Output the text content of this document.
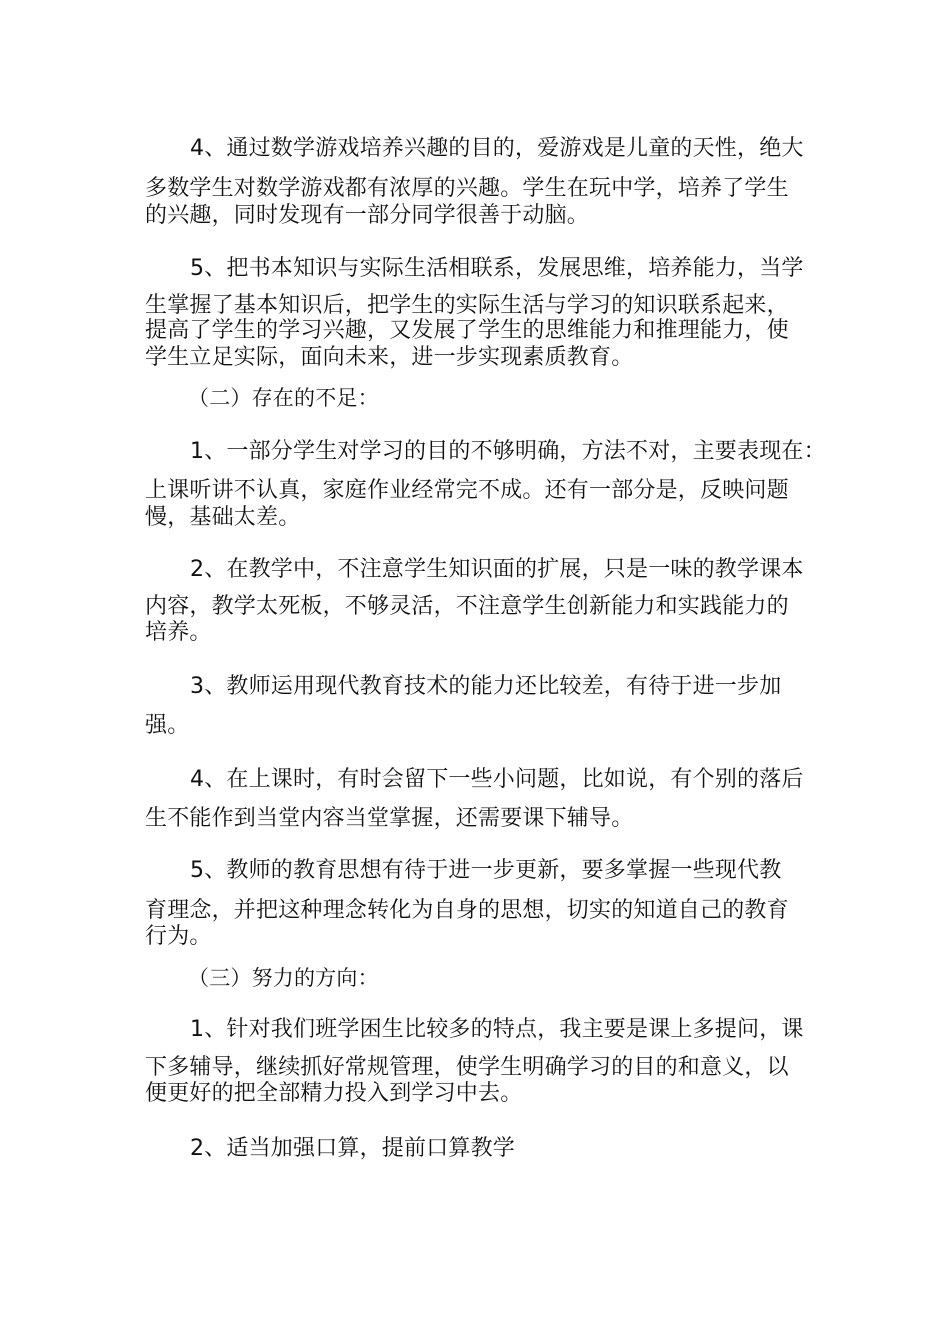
4、通过数学游戏培养兴趣的目的，爱游戏是儿童的天性，绝大
多数学生对数学游戏都有浓厚的兴趣。学生在玩中学，培养了学生
的兴趣，同时发现有一部分同学很善于动脑。
5、把书本知识与实际生活相联系，发展思维，培养能力，当学
生掌握了基本知识后，把学生的实际生活与学习的知识联系起来，
提高了学生的学习兴趣，又发展了学生的思维能力和推理能力，使
学生立足实际，面向未来，进一步实现素质教育。
（二）存在的不足：
1、一部分学生对学习的目的不够明确，方法不对，主要表现在：
上课听讲不认真，家庭作业经常完不成。还有一部分是，反映问题
慢，基础太差。
2、在教学中，不注意学生知识面的扩展，只是一味的教学课本
内容，教学太死板，不够灵活，不注意学生创新能力和实践能力的
培养。
3、教师运用现代教育技术的能力还比较差，有待于进一步加
强。
4、在上课时，有时会留下一些小问题，比如说，有个别的落后
生不能作到当堂内容当堂掌握，还需要课下辅导。
5、教师的教育思想有待于进一步更新，要多掌握一些现代教
育理念，并把这种理念转化为自身的思想，切实的知道自己的教育
行为。
（三）努力的方向：
1、针对我们班学困生比较多的特点，我主要是课上多提问，课
下多辅导，继续抓好常规管理，使学生明确学习的目的和意义，以
便更好的把全部精力投入到学习中去。
2、适当加强口算，提前口算教学
